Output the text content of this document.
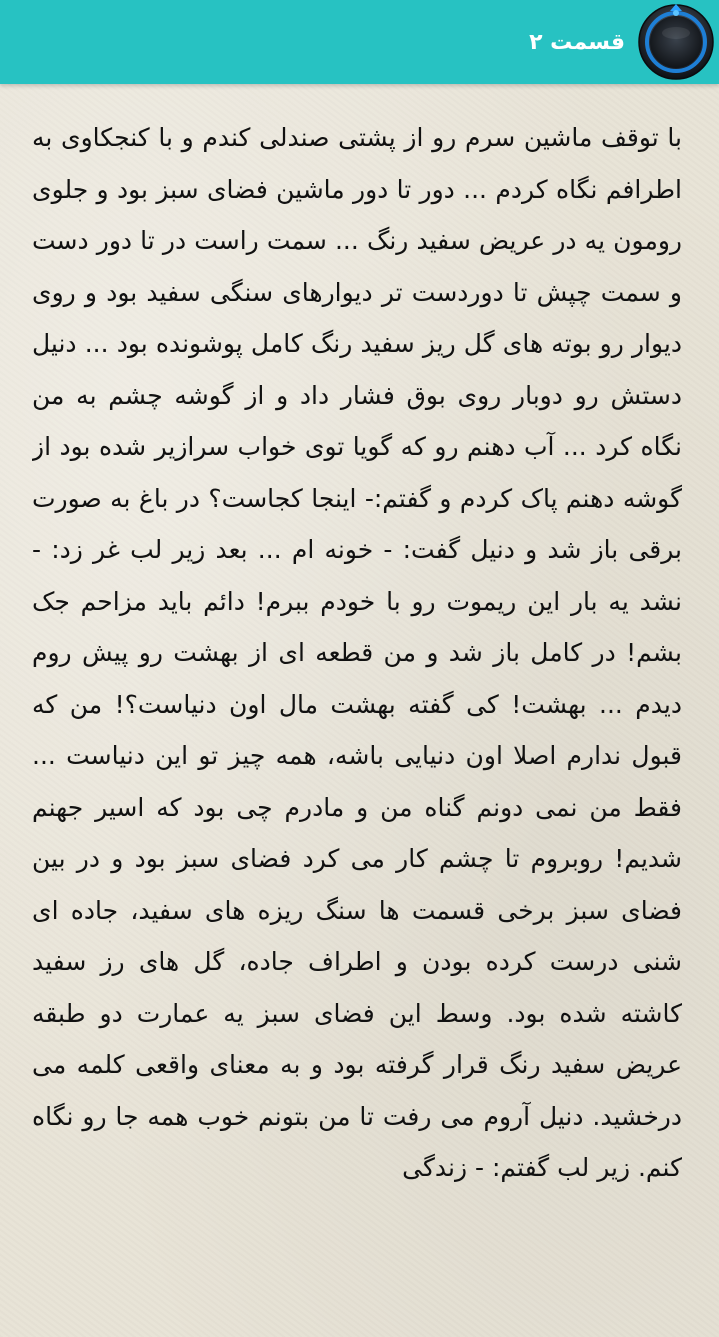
قسمت ۲

با توقف ماشین سرم رو از پشتی صندلی کندم و با کنجکاوی به اطرافم نگاه کردم ... دور تا دور ماشین فضای سبز بود و جلوی رومون یه در عریض سفید رنگ ... سمت راست در تا دور دست و سمت چپش تا دوردست تر دیوارهای سنگی سفید بود و روی دیوار رو بوته های گل ریز سفید رنگ کامل پوشونده بود ... دنیل دستش رو دوبار روی بوق فشار داد و از گوشه چشم به من نگاه کرد ... آب دهنم رو که گویا توی خواب سرازیر شده بود از گوشه دهنم پاک کردم و گفتم:- اینجا کجاست؟ در باغ به صورت برقی باز شد و دنیل گفت: - خونه ام ... بعد زیر لب غر زد: - نشد یه بار این ریموت رو با خودم ببرم! دائم باید مزاحم جک بشم! در کامل باز شد و من قطعه ای از بهشت رو پیش روم دیدم ... بهشت! کی گفته بهشت مال اون دنیاست؟! من که قبول ندارم اصلا اون دنیایی باشه، همه چیز تو این دنیاست ... فقط من نمی دونم گناه من و مادرم چی بود که اسیر جهنم شدیم! روبروم تا چشم کار می کرد فضای سبز بود و در بین فضای سبز برخی قسمت ها سنگ ریزه های سفید، جاده ای شنی درست کرده بودن و اطراف جاده، گل های رز سفید کاشته شده بود. وسط این فضای سبز یه عمارت دو طبقه عریض سفید رنگ قرار گرفته بود و به معنای واقعی کلمه می درخشید. دنیل آروم می رفت تا من بتونم خوب همه جا رو نگاه کنم. زیر لب گفتم: - زندگی
